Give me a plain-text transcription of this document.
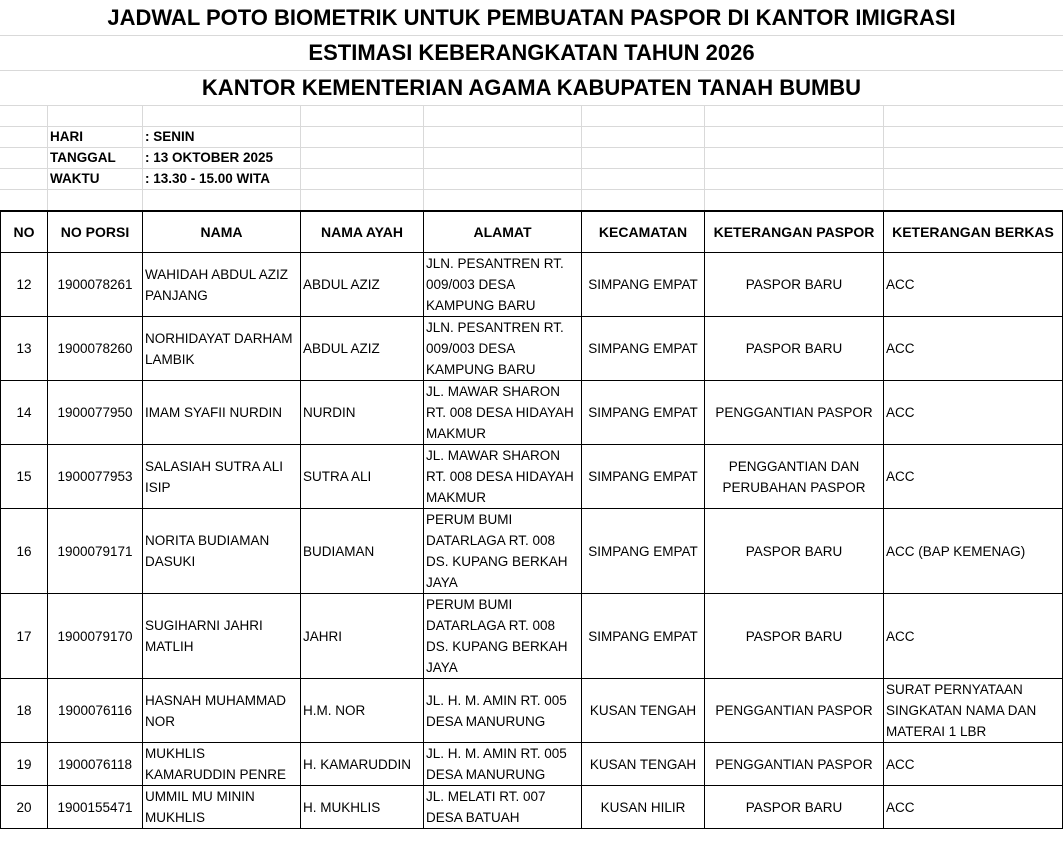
JADWAL POTO BIOMETRIK UNTUK PEMBUATAN PASPOR DI KANTOR IMIGRASI
ESTIMASI KEBERANGKATAN TAHUN 2026
KANTOR KEMENTERIAN AGAMA KABUPATEN TANAH BUMBU
HARI	: SENIN
TANGGAL : 13 OKTOBER 2025
WAKTU	: 13.30 - 15.00 WITA
NO	NO PORSI	NAMA	NAMA AYAH	ALAMAT	KECAMATAN	KETERANGAN PASPOR	KETERANGAN BERKAS
12	1900078261	WAHIDAH ABDUL AZIZ PANJANG	ABDUL AZIZ	JLN. PESANTREN RT. 009/003 DESA KAMPUNG BARU	SIMPANG EMPAT	PASPOR BARU	ACC
13	1900078260	NORHIDAYAT DARHAM LAMBIK	ABDUL AZIZ	JLN. PESANTREN RT. 009/003 DESA KAMPUNG BARU	SIMPANG EMPAT	PASPOR BARU	ACC
14	1900077950	IMAM SYAFII NURDIN	NURDIN	JL. MAWAR SHARON RT. 008 DESA HIDAYAH MAKMUR	SIMPANG EMPAT	PENGGANTIAN PASPOR	ACC
15	1900077953	SALASIAH SUTRA ALI ISIP	SUTRA ALI	JL. MAWAR SHARON RT. 008 DESA HIDAYAH MAKMUR	SIMPANG EMPAT	PENGGANTIAN DAN PERUBAHAN PASPOR	ACC
16	1900079171	NORITA BUDIAMAN DASUKI	BUDIAMAN	PERUM BUMI DATARLAGA RT. 008 DS. KUPANG BERKAH JAYA	SIMPANG EMPAT	PASPOR BARU	ACC (BAP KEMENAG)
17	1900079170	SUGIHARNI JAHRI MATLIH	JAHRI	PERUM BUMI DATARLAGA RT. 008 DS. KUPANG BERKAH JAYA	SIMPANG EMPAT	PASPOR BARU	ACC
18	1900076116	HASNAH MUHAMMAD NOR	H.M. NOR	JL. H. M. AMIN RT. 005 DESA MANURUNG	KUSAN TENGAH	PENGGANTIAN PASPOR	SURAT PERNYATAAN SINGKATAN NAMA DAN MATERAI 1 LBR
19	1900076118	MUKHLIS KAMARUDDIN PENRE	H. KAMARUDDIN	JL. H. M. AMIN RT. 005 DESA MANURUNG	KUSAN TENGAH	PENGGANTIAN PASPOR	ACC
20	1900155471	UMMIL MU MININ MUKHLIS	H. MUKHLIS	JL. MELATI RT. 007 DESA BATUAH	KUSAN HILIR	PASPOR BARU	ACC
